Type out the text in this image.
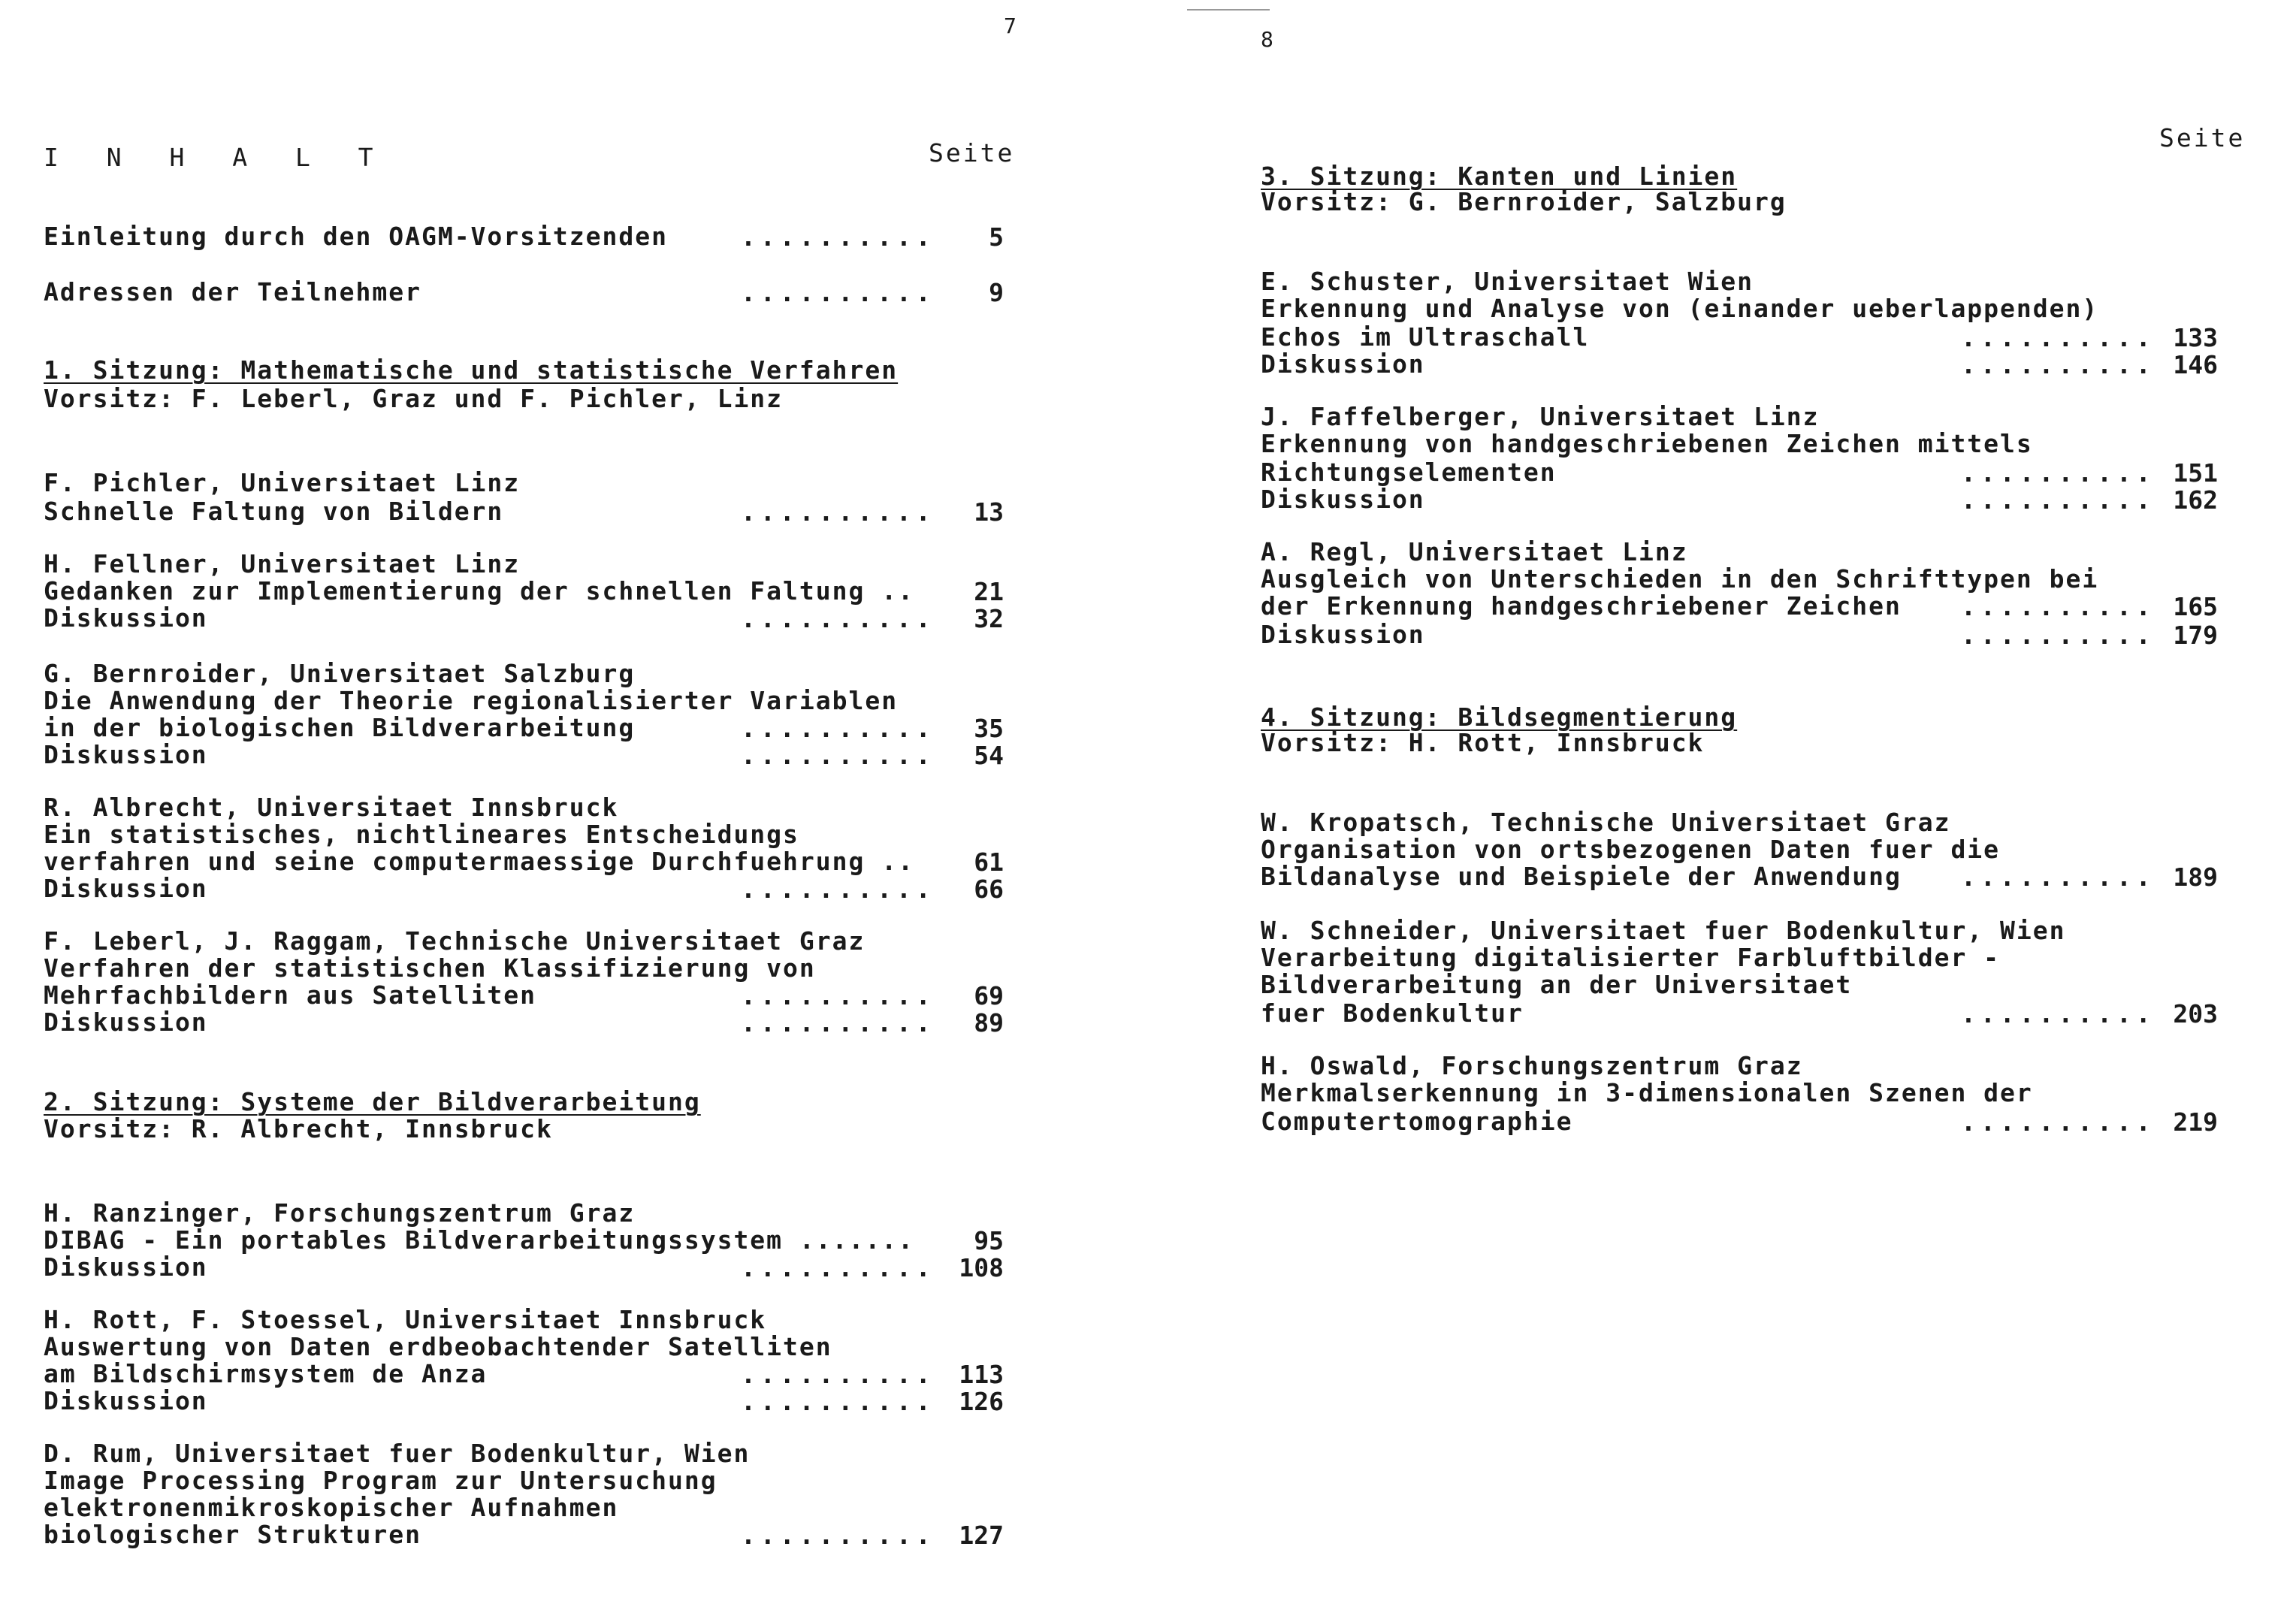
7
I N H A L T	Seite
Einleitung durch den OAGM-Vorsitzenden	..........	5
Adressen der Teilnehmer	..........	9
1. Sitzung: Mathematische und statistische Verfahren
Vorsitz: F. Leberl, Graz und F. Pichler, Linz
F. Pichler, Universitaet Linz
Schnelle Faltung von Bildern	..........	13
H. Fellner, Universitaet Linz
Gedanken zur Implementierung der schnellen Faltung ..	21
Diskussion	..........	32
G. Bernroider, Universitaet Salzburg
Die Anwendung der Theorie regionalisierter Variablen
in der biologischen Bildverarbeitung	..........	35
Diskussion	..........	54
R. Albrecht, Universitaet Innsbruck
Ein statistisches, nichtlineares Entscheidungs
verfahren und seine computermaessige Durchfuehrung ..	61
Diskussion	..........	66
F. Leberl, J. Raggam, Technische Universitaet Graz
Verfahren der statistischen Klassifizierung von
Mehrfachbildern aus Satelliten	..........	69
Diskussion	..........	89
2. Sitzung: Systeme der Bildverarbeitung
Vorsitz: R. Albrecht, Innsbruck
H. Ranzinger, Forschungszentrum Graz
DIBAG - Ein portables Bildverarbeitungssystem .......	95
Diskussion	.......... 108
H. Rott, F. Stoessel, Universitaet Innsbruck
Auswertung von Daten erdbeobachtender Satelliten
am Bildschirmsystem de Anza	.......... 113
Diskussion	.......... 126
D. Rum, Universitaet fuer Bodenkultur, Wien
Image Processing Program zur Untersuchung
elektronenmikroskopischer Aufnahmen
biologischer Strukturen	.......... 127
8
Seite
3. Sitzung: Kanten und Linien
Vorsitz: G. Bernroider, Salzburg
E. Schuster, Universitaet Wien
Erkennung und Analyse von (einander ueberlappenden)
Echos im Ultraschall	.......... 133
Diskussion	.......... 146
J. Faffelberger, Universitaet Linz
Erkennung von handgeschriebenen Zeichen mittels
Richtungselementen	.......... 151
Diskussion	.......... 162
A. Regl, Universitaet Linz
Ausgleich von Unterschieden in den Schrifttypen bei
der Erkennung handgeschriebener Zeichen .......... 165
Diskussion	.......... 179
4. Sitzung: Bildsegmentierung
Vorsitz: H. Rott, Innsbruck
W. Kropatsch, Technische Universitaet Graz
Organisation von ortsbezogenen Daten fuer die
Bildanalyse und Beispiele der Anwendung .......... 189
W. Schneider, Universitaet fuer Bodenkultur, Wien
Verarbeitung digitalisierter Farbluftbilder -
Bildverarbeitung an der Universitaet
fuer Bodenkultur	.......... 203
H. Oswald, Forschungszentrum Graz
Merkmalserkennung in 3-dimensionalen Szenen der
Computertomographie	.......... 219
